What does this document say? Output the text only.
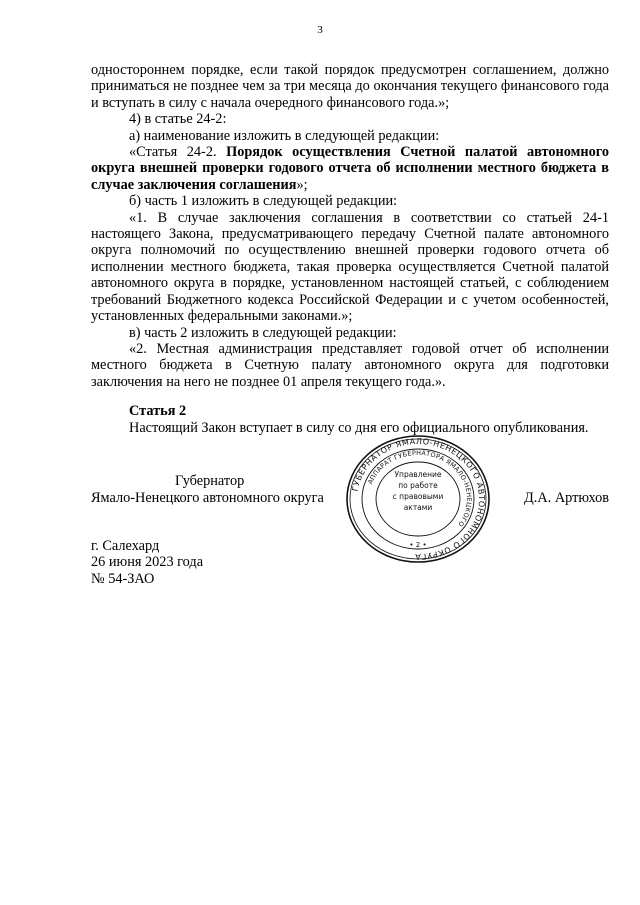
3

одностороннем порядке, если такой порядок предусмотрен соглашением, должно приниматься не позднее чем за три месяца до окончания текущего финансового года и вступать в силу с начала очередного финансового года.»;

4) в статье 24-2:

а) наименование изложить в следующей редакции:

«Статья 24-2. Порядок осуществления Счетной палатой автономного округа внешней проверки годового отчета об исполнении местного бюджета в случае заключения соглашения»;

б) часть 1 изложить в следующей редакции:

«1. В случае заключения соглашения в соответствии со статьей 24-1 настоящего Закона, предусматривающего передачу Счетной палате автономного округа полномочий по осуществлению внешней проверки годового отчета об исполнении местного бюджета, такая проверка осуществляется Счетной палатой автономного округа в порядке, установленном настоящей статьей, с соблюдением требований Бюджетного кодекса Российской Федерации и с учетом особенностей, установленных федеральными законами.»;

в) часть 2 изложить в следующей редакции:

«2. Местная администрация представляет годовой отчет об исполнении местного бюджета в Счетную палату автономного округа для подготовки заключения на него не позднее 01 апреля текущего года.».

Статья 2

Настоящий Закон вступает в силу со дня его официального опубликования.

Губернатор
Ямало-Ненецкого автономного округа	Д.А. Артюхов
ГУБЕРНАТОР ЯМАЛО-НЕНЕЦКОГО АВТОНОМНОГО ОКРУГА
АППАРАТ ГУБЕРНАТОРА ЯМАЛО-НЕНЕЦКОГО
Управление
по работе
с правовыми
актами
• 2 •
г. Салехард
26 июня 2023 года
№ 54-ЗАО
